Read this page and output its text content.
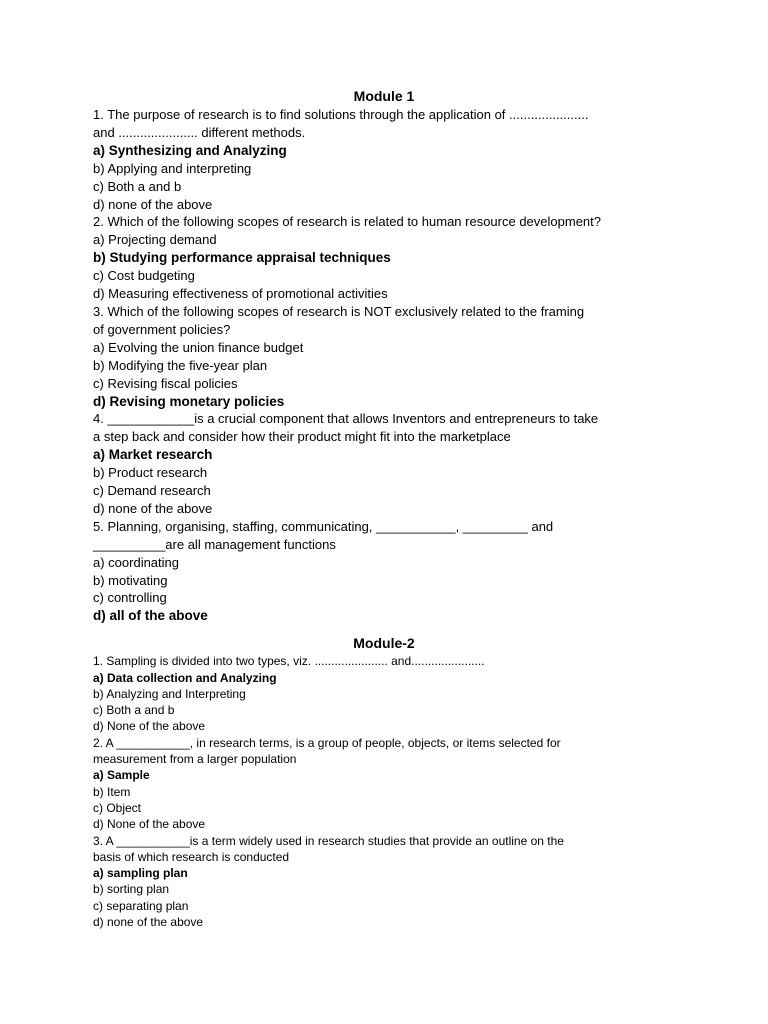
Module 1

1. The purpose of research is to find solutions through the application of ......................

and ...................... different methods.

a) Synthesizing and Analyzing

b) Applying and interpreting

c) Both a and b

d) none of the above

2. Which of the following scopes of research is related to human resource development?

a) Projecting demand

b) Studying performance appraisal techniques

c) Cost budgeting

d) Measuring effectiveness of promotional activities

3. Which of the following scopes of research is NOT exclusively related to the framing

of government policies?

a) Evolving the union finance budget

b) Modifying the five-year plan

c) Revising fiscal policies

d) Revising monetary policies

4. ____________is a crucial component that allows Inventors and entrepreneurs to take

a step back and consider how their product might fit into the marketplace

a) Market research

b) Product research

c) Demand research

d) none of the above

5. Planning, organising, staffing, communicating, ___________, _________ and

__________are all management functions

a) coordinating

b) motivating

c) controlling

d) all of the above

Module-2

1. Sampling is divided into two types, viz. ...................... and......................

a) Data collection and Analyzing

b) Analyzing and Interpreting

c) Both a and b

d) None of the above

2. A ___________, in research terms, is a group of people, objects, or items selected for

measurement from a larger population

a) Sample

b) Item

c) Object

d) None of the above

3. A ___________is a term widely used in research studies that provide an outline on the

basis of which research is conducted

a) sampling plan

b) sorting plan

c) separating plan

d) none of the above
